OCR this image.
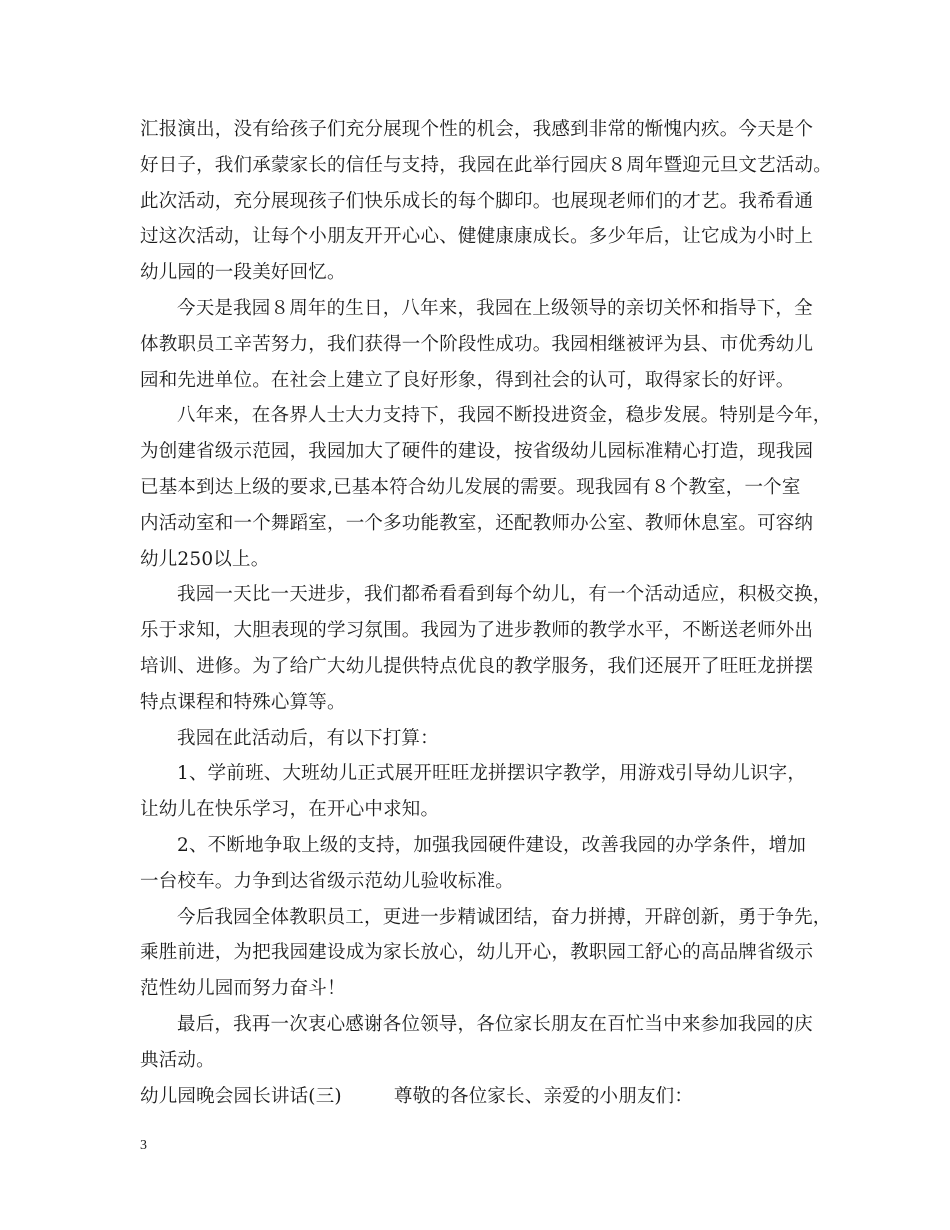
汇报演出，没有给孩子们充分展现个性的机会，我感到非常的惭愧内疚。今天是个
好日子，我们承蒙家长的信任与支持，我园在此举行园庆８周年暨迎元旦文艺活动。
此次活动，充分展现孩子们快乐成长的每个脚印。也展现老师们的才艺。我希看通
过这次活动，让每个小朋友开开心心、健健康康成长。多少年后，让它成为小时上
幼儿园的一段美好回忆。
今天是我园８周年的生日，八年来，我园在上级领导的亲切关怀和指导下，全
体教职员工辛苦努力，我们获得一个阶段性成功。我园相继被评为县、市优秀幼儿
园和先进单位。在社会上建立了良好形象，得到社会的认可，取得家长的好评。
八年来，在各界人士大力支持下，我园不断投进资金，稳步发展。特别是今年，
为创建省级示范园，我园加大了硬件的建设，按省级幼儿园标准精心打造，现我园
已基本到达上级的要求,已基本符合幼儿发展的需要。现我园有８个教室，一个室
内活动室和一个舞蹈室，一个多功能教室，还配教师办公室、教师休息室。可容纳
幼儿250以上。
我园一天比一天进步，我们都希看看到每个幼儿，有一个活动适应，积极交换，
乐于求知，大胆表现的学习氛围。我园为了进步教师的教学水平，不断送老师外出
培训、进修。为了给广大幼儿提供特点优良的教学服务，我们还展开了旺旺龙拼摆
特点课程和特殊心算等。
我园在此活动后，有以下打算：
1、学前班、大班幼儿正式展开旺旺龙拼摆识字教学，用游戏引导幼儿识字，
让幼儿在快乐学习，在开心中求知。
2、不断地争取上级的支持，加强我园硬件建设，改善我园的办学条件，增加
一台校车。力争到达省级示范幼儿验收标准。
今后我园全体教职员工，更进一步精诚团结，奋力拼搏，开辟创新，勇于争先，
乘胜前进，为把我园建设成为家长放心，幼儿开心，教职园工舒心的高品牌省级示
范性幼儿园而努力奋斗！
最后，我再一次衷心感谢各位领导，各位家长朋友在百忙当中来参加我园的庆
典活动。
幼儿园晚会园长讲话(三)	尊敬的各位家长、亲爱的小朋友们：
3
